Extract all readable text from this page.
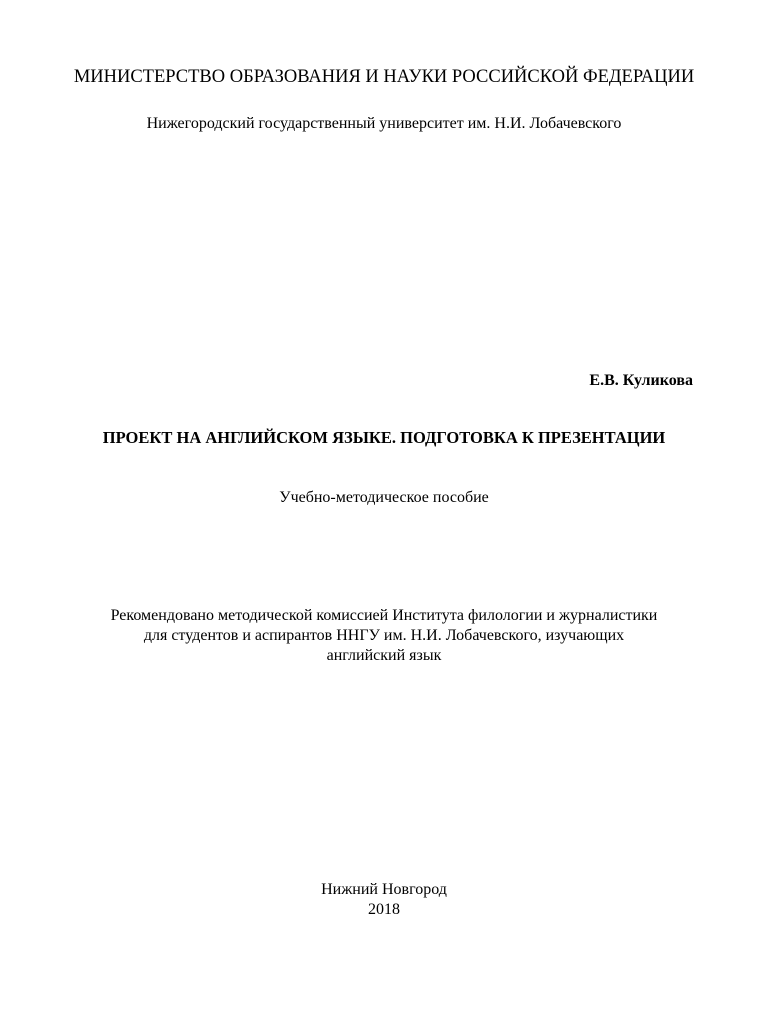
МИНИСТЕРСТВО ОБРАЗОВАНИЯ И НАУКИ РОССИЙСКОЙ ФЕДЕРАЦИИ
Нижегородский государственный университет им. Н.И. Лобачевского
Е.В. Куликова
ПРОЕКТ НА АНГЛИЙСКОМ ЯЗЫКЕ. ПОДГОТОВКА К ПРЕЗЕНТАЦИИ
Учебно-методическое пособие
Рекомендовано методической комиссией Института филологии и журналистики
для студентов и аспирантов ННГУ им. Н.И. Лобачевского, изучающих
английский язык
Нижний Новгород
2018
